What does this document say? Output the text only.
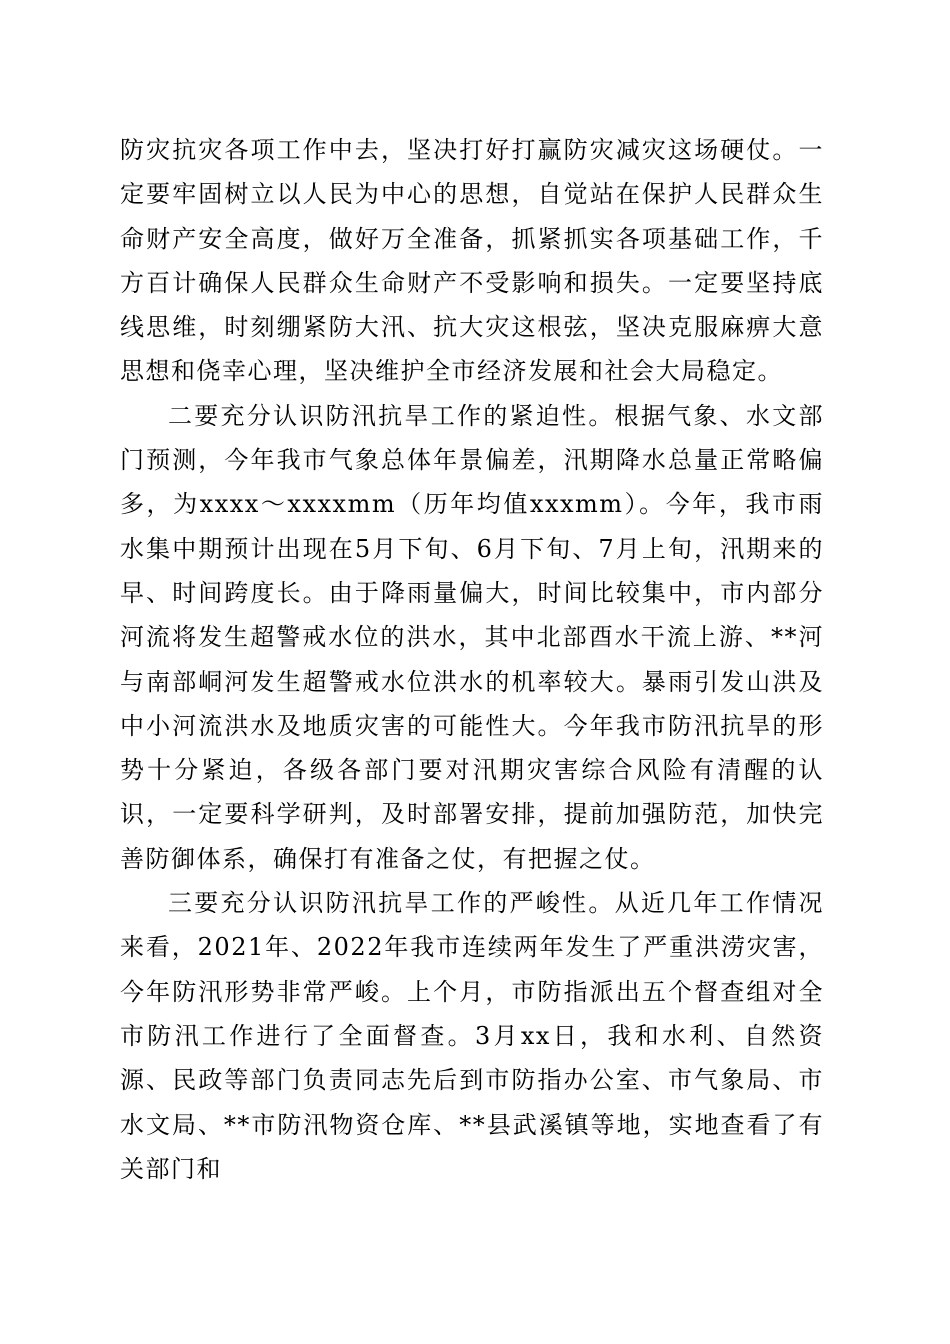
防灾抗灾各项工作中去，坚决打好打赢防灾减灾这场硬仗。一定要牢固树立以人民为中心的思想，自觉站在保护人民群众生命财产安全高度，做好万全准备，抓紧抓实各项基础工作，千方百计确保人民群众生命财产不受影响和损失。一定要坚持底线思维，时刻绷紧防大汛、抗大灾这根弦，坚决克服麻痹大意思想和侥幸心理，坚决维护全市经济发展和社会大局稳定。

二要充分认识防汛抗旱工作的紧迫性。根据气象、水文部门预测，今年我市气象总体年景偏差，汛期降水总量正常略偏多，为xxxx～xxxxmm（历年均值xxxmm）。今年，我市雨水集中期预计出现在5月下旬、6月下旬、7月上旬，汛期来的早、时间跨度长。由于降雨量偏大，时间比较集中，市内部分河流将发生超警戒水位的洪水，其中北部酉水干流上游、**河与南部峒河发生超警戒水位洪水的机率较大。暴雨引发山洪及中小河流洪水及地质灾害的可能性大。今年我市防汛抗旱的形势十分紧迫，各级各部门要对汛期灾害综合风险有清醒的认识，一定要科学研判，及时部署安排，提前加强防范，加快完善防御体系，确保打有准备之仗，有把握之仗。

三要充分认识防汛抗旱工作的严峻性。从近几年工作情况来看，2021年、2022年我市连续两年发生了严重洪涝灾害，今年防汛形势非常严峻。上个月，市防指派出五个督查组对全市防汛工作进行了全面督查。3月xx日，我和水利、自然资源、民政等部门负责同志先后到市防指办公室、市气象局、市水文局、**市防汛物资仓库、**县武溪镇等地，实地查看了有关部门和
